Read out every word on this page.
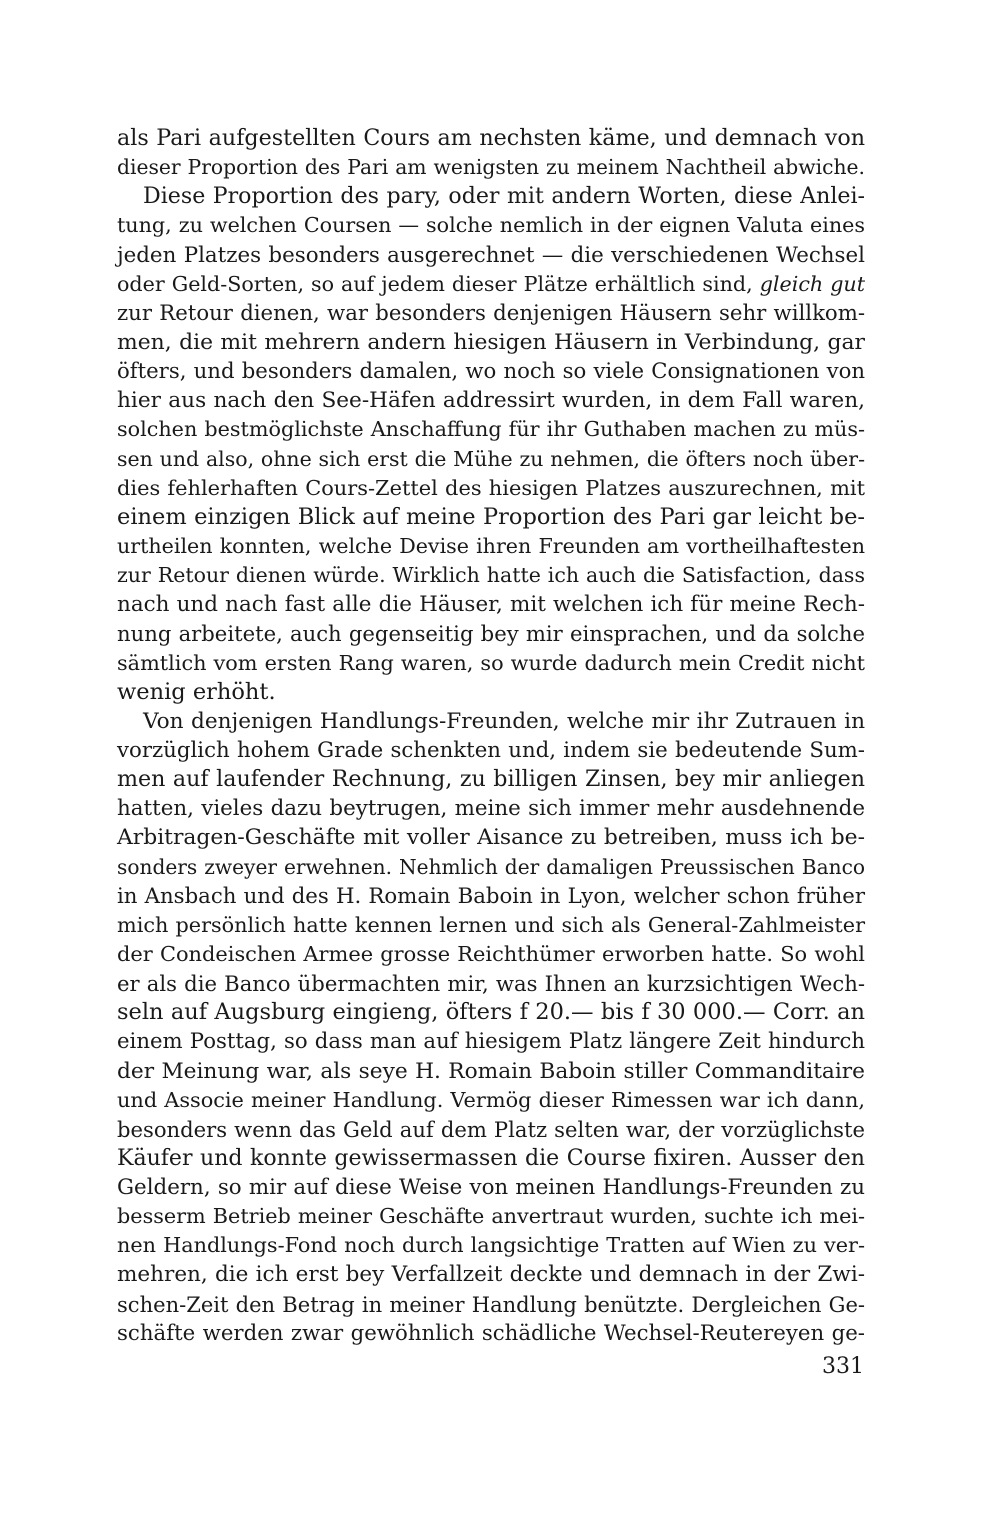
als Pari aufgestellten Cours am nechsten käme, und demnach von
dieser Proportion des Pari am wenigsten zu meinem Nachtheil abwiche.
Diese Proportion des pary, oder mit andern Worten, diese Anlei-
tung, zu welchen Coursen — solche nemlich in der eignen Valuta eines
jeden Platzes besonders ausgerechnet — die verschiedenen Wechsel
oder Geld-Sorten, so auf jedem dieser Plätze erhältlich sind, gleich gut
zur Retour dienen, war besonders denjenigen Häusern sehr willkom-
men, die mit mehrern andern hiesigen Häusern in Verbindung, gar
öfters, und besonders damalen, wo noch so viele Consignationen von
hier aus nach den See-Häfen addressirt wurden, in dem Fall waren,
solchen bestmöglichste Anschaffung für ihr Guthaben machen zu müs-
sen und also, ohne sich erst die Mühe zu nehmen, die öfters noch über-
dies fehlerhaften Cours-Zettel des hiesigen Platzes auszurechnen, mit
einem einzigen Blick auf meine Proportion des Pari gar leicht be-
urtheilen konnten, welche Devise ihren Freunden am vortheilhaftesten
zur Retour dienen würde. Wirklich hatte ich auch die Satisfaction, dass
nach und nach fast alle die Häuser, mit welchen ich für meine Rech-
nung arbeitete, auch gegenseitig bey mir einsprachen, und da solche
sämtlich vom ersten Rang waren, so wurde dadurch mein Credit nicht
wenig erhöht.
Von denjenigen Handlungs-Freunden, welche mir ihr Zutrauen in
vorzüglich hohem Grade schenkten und, indem sie bedeutende Sum-
men auf laufender Rechnung, zu billigen Zinsen, bey mir anliegen
hatten, vieles dazu beytrugen, meine sich immer mehr ausdehnende
Arbitragen-Geschäfte mit voller Aisance zu betreiben, muss ich be-
sonders zweyer erwehnen. Nehmlich der damaligen Preussischen Banco
in Ansbach und des H. Romain Baboin in Lyon, welcher schon früher
mich persönlich hatte kennen lernen und sich als General-Zahlmeister
der Condeischen Armee grosse Reichthümer erworben hatte. So wohl
er als die Banco übermachten mir, was Ihnen an kurzsichtigen Wech-
seln auf Augsburg eingieng, öfters f 20.— bis f 30 000.— Corr. an
einem Posttag, so dass man auf hiesigem Platz längere Zeit hindurch
der Meinung war, als seye H. Romain Baboin stiller Commanditaire
und Associe meiner Handlung. Vermög dieser Rimessen war ich dann,
besonders wenn das Geld auf dem Platz selten war, der vorzüglichste
Käufer und konnte gewissermassen die Course fixiren. Ausser den
Geldern, so mir auf diese Weise von meinen Handlungs-Freunden zu
besserm Betrieb meiner Geschäfte anvertraut wurden, suchte ich mei-
nen Handlungs-Fond noch durch langsichtige Tratten auf Wien zu ver-
mehren, die ich erst bey Verfallzeit deckte und demnach in der Zwi-
schen-Zeit den Betrag in meiner Handlung benützte. Dergleichen Ge-
schäfte werden zwar gewöhnlich schädliche Wechsel-Reutereyen ge-
331
